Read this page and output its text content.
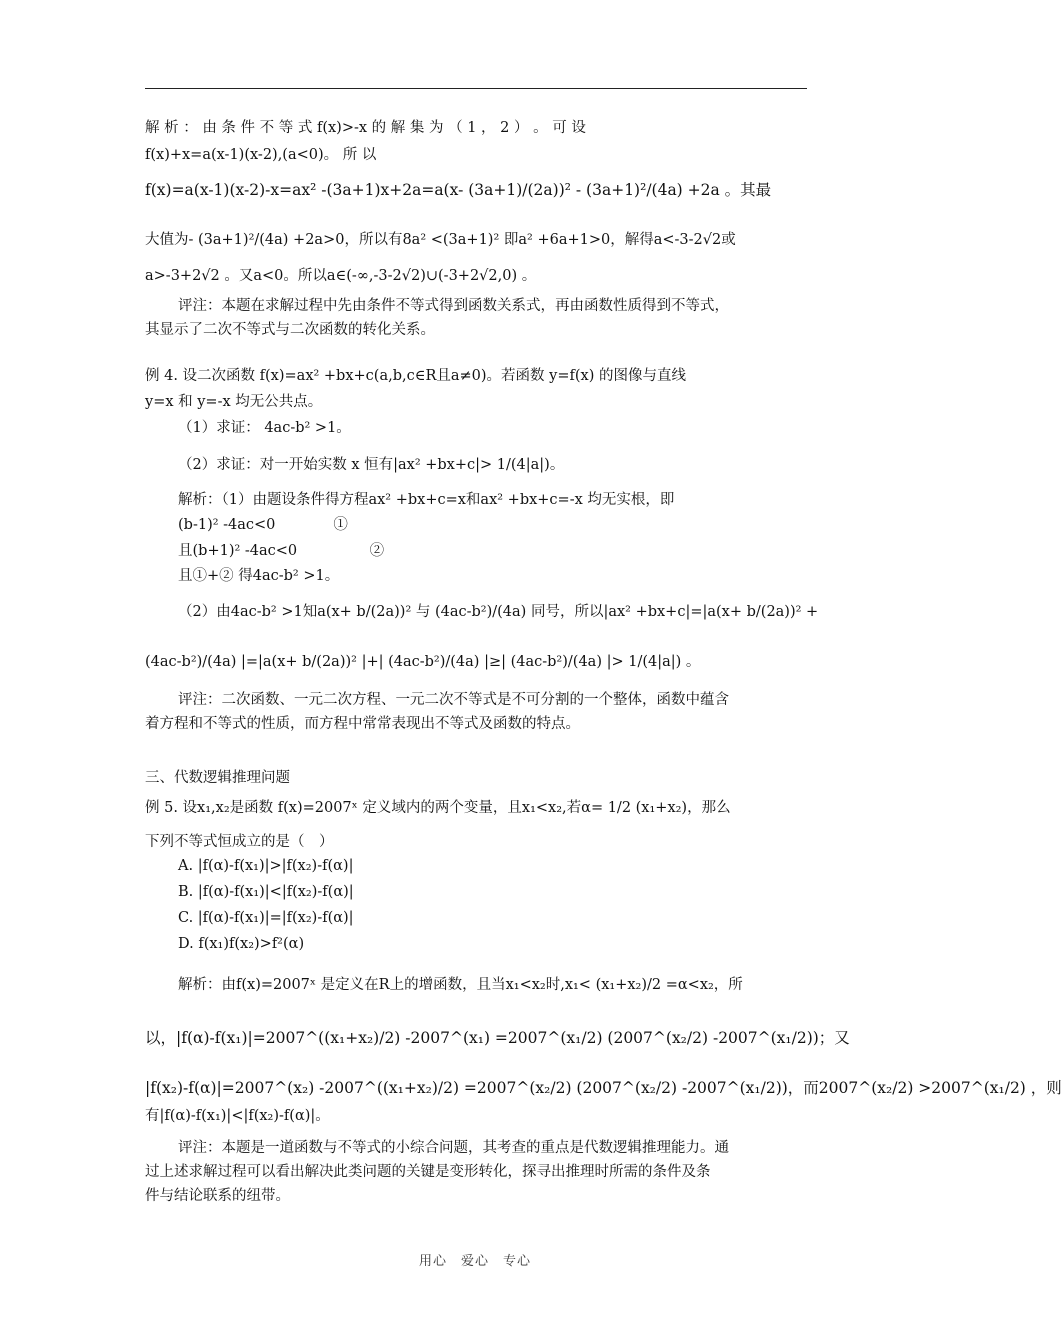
解 析 ： 由 条 件 不 等 式 f(x)>-x 的 解 集 为 （ 1 ， 2 ） 。 可 设
f(x)+x=a(x-1)(x-2),(a<0)。 所 以
f(x)=a(x-1)(x-2)-x=ax² -(3a+1)x+2a=a(x- (3a+1)/(2a))² - (3a+1)²/(4a) +2a 。其最
大值为- (3a+1)²/(4a) +2a>0，所以有8a² <(3a+1)² 即a² +6a+1>0，解得a<-3-2√2或
a>-3+2√2 。又a<0。所以a∈(-∞,-3-2√2)∪(-3+2√2,0) 。
评注：本题在求解过程中先由条件不等式得到函数关系式，再由函数性质得到不等式，
其显示了二次不等式与二次函数的转化关系。
例 4. 设二次函数 f(x)=ax² +bx+c(a,b,c∈R且a≠0)。若函数 y=f(x) 的图像与直线
y=x 和 y=-x 均无公共点。
（1）求证： 4ac-b² >1。
（2）求证：对一开始实数 x 恒有|ax² +bx+c|> 1/(4|a|)。
解析：（1）由题设条件得方程ax² +bx+c=x和ax² +bx+c=-x 均无实根，即
(b-1)² -4ac<0　　　　①
且(b+1)² -4ac<0　　　　　②
且①+② 得4ac-b² >1。
（2）由4ac-b² >1知a(x+ b/(2a))² 与 (4ac-b²)/(4a) 同号，所以|ax² +bx+c|=|a(x+ b/(2a))² +
(4ac-b²)/(4a) |=|a(x+ b/(2a))² |+| (4ac-b²)/(4a) |≥| (4ac-b²)/(4a) |> 1/(4|a|) 。
评注：二次函数、一元二次方程、一元二次不等式是不可分割的一个整体，函数中蕴含
着方程和不等式的性质，而方程中常常表现出不等式及函数的特点。
三、代数逻辑推理问题
例 5. 设x₁,x₂是函数 f(x)=2007ˣ 定义域内的两个变量，且x₁<x₂,若α= 1/2 (x₁+x₂)，那么
下列不等式恒成立的是（　）
A. |f(α)-f(x₁)|>|f(x₂)-f(α)|
B. |f(α)-f(x₁)|<|f(x₂)-f(α)|
C. |f(α)-f(x₁)|=|f(x₂)-f(α)|
D. f(x₁)f(x₂)>f²(α)
解析：由f(x)=2007ˣ 是定义在R上的增函数，且当x₁<x₂时,x₁< (x₁+x₂)/2 =α<x₂，所
以，|f(α)-f(x₁)|=2007^((x₁+x₂)/2) -2007^(x₁) =2007^(x₁/2) (2007^(x₂/2) -2007^(x₁/2))；又
|f(x₂)-f(α)|=2007^(x₂) -2007^((x₁+x₂)/2) =2007^(x₂/2) (2007^(x₂/2) -2007^(x₁/2))，而2007^(x₂/2) >2007^(x₁/2) ，则
有|f(α)-f(x₁)|<|f(x₂)-f(α)|。
评注：本题是一道函数与不等式的小综合问题，其考查的重点是代数逻辑推理能力。通
过上述求解过程可以看出解决此类问题的关键是变形转化，探寻出推理时所需的条件及条
件与结论联系的纽带。
用心　爱心　专心
